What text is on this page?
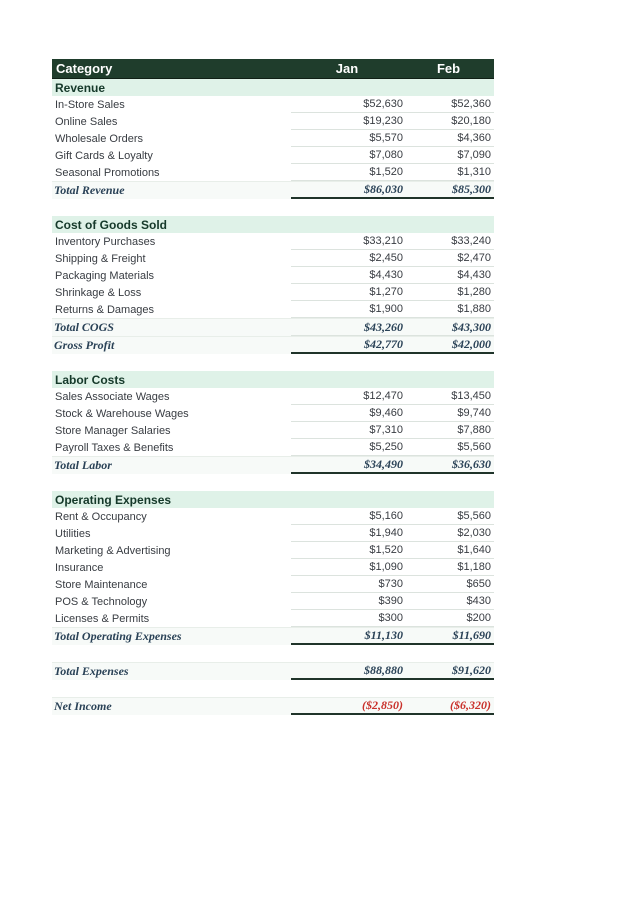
Category	Jan	Feb
Revenue
In-Store Sales	$52,630	$52,360
Online Sales	$19,230	$20,180
Wholesale Orders	$5,570	$4,360
Gift Cards & Loyalty	$7,080	$7,090
Seasonal Promotions	$1,520	$1,310
Total Revenue	$86,030	$85,300
Cost of Goods Sold
Inventory Purchases	$33,210	$33,240
Shipping & Freight	$2,450	$2,470
Packaging Materials	$4,430	$4,430
Shrinkage & Loss	$1,270	$1,280
Returns & Damages	$1,900	$1,880
Total COGS	$43,260	$43,300
Gross Profit	$42,770	$42,000
Labor Costs
Sales Associate Wages	$12,470	$13,450
Stock & Warehouse Wages	$9,460	$9,740
Store Manager Salaries	$7,310	$7,880
Payroll Taxes & Benefits	$5,250	$5,560
Total Labor	$34,490	$36,630
Operating Expenses
Rent & Occupancy	$5,160	$5,560
Utilities	$1,940	$2,030
Marketing & Advertising	$1,520	$1,640
Insurance	$1,090	$1,180
Store Maintenance	$730	$650
POS & Technology	$390	$430
Licenses & Permits	$300	$200
Total Operating Expenses	$11,130	$11,690
Total Expenses	$88,880	$91,620
Net Income	($2,850)	($6,320)
